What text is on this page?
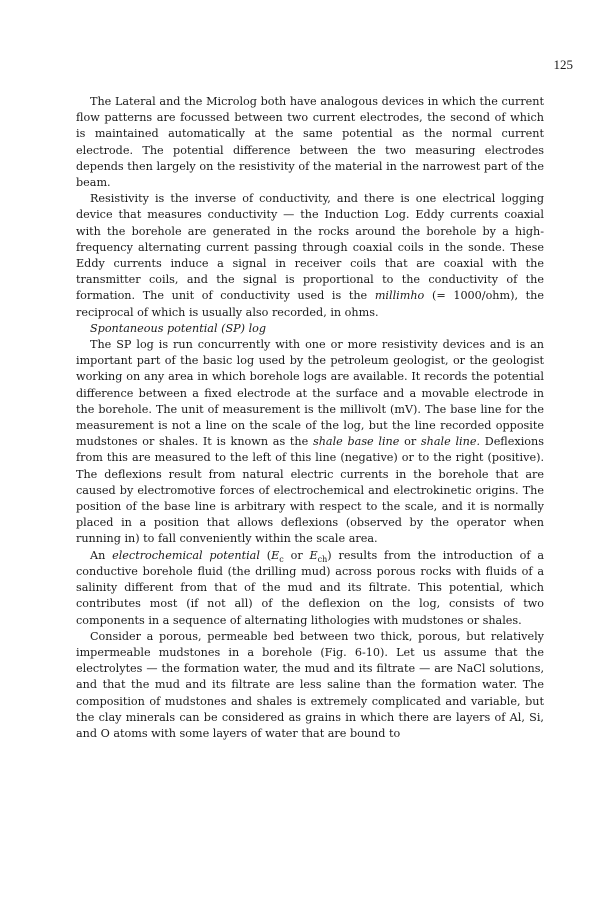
125

The Lateral and the Microlog both have analogous devices in which the current flow patterns are focussed between two current electrodes, the second of which is maintained automatically at the same potential as the normal current electrode. The potential difference between the two measuring electrodes depends then largely on the resistivity of the material in the narrowest part of the beam.

Resistivity is the inverse of conductivity, and there is one electrical logging device that measures conductivity — the Induction Log. Eddy currents coaxial with the borehole are generated in the rocks around the borehole by a high-frequency alternating current passing through coaxial coils in the sonde. These Eddy currents induce a signal in receiver coils that are coaxial with the transmitter coils, and the signal is proportional to the conductivity of the formation. The unit of conductivity used is the millimho (= 1000/ohm), the reciprocal of which is usually also recorded, in ohms.

Spontaneous potential (SP) log

The SP log is run concurrently with one or more resistivity devices and is an important part of the basic log used by the petroleum geologist, or the geologist working on any area in which borehole logs are available. It records the potential difference between a fixed electrode at the surface and a movable electrode in the borehole. The unit of measurement is the millivolt (mV). The base line for the measurement is not a line on the scale of the log, but the line recorded opposite mudstones or shales. It is known as the shale base line or shale line. Deflexions from this are measured to the left of this line (negative) or to the right (positive). The deflexions result from natural electric currents in the borehole that are caused by electromotive forces of electrochemical and electrokinetic origins. The position of the base line is arbitrary with respect to the scale, and it is normally placed in a position that allows deflexions (observed by the operator when running in) to fall conveniently within the scale area.

An electrochemical potential ($E_c$ or $E_{ch}$) results from the introduction of a conductive borehole fluid (the drilling mud) across porous rocks with fluids of a salinity different from that of the mud and its filtrate. This potential, which contributes most (if not all) of the deflexion on the log, consists of two components in a sequence of alternating lithologies with mudstones or shales.

Consider a porous, permeable bed between two thick, porous, but relatively impermeable mudstones in a borehole (Fig. 6-10). Let us assume that the electrolytes — the formation water, the mud and its filtrate — are NaCl solutions, and that the mud and its filtrate are less saline than the formation water. The composition of mudstones and shales is extremely complicated and variable, but the clay minerals can be considered as grains in which there are layers of Al, Si, and O atoms with some layers of water that are bound to
